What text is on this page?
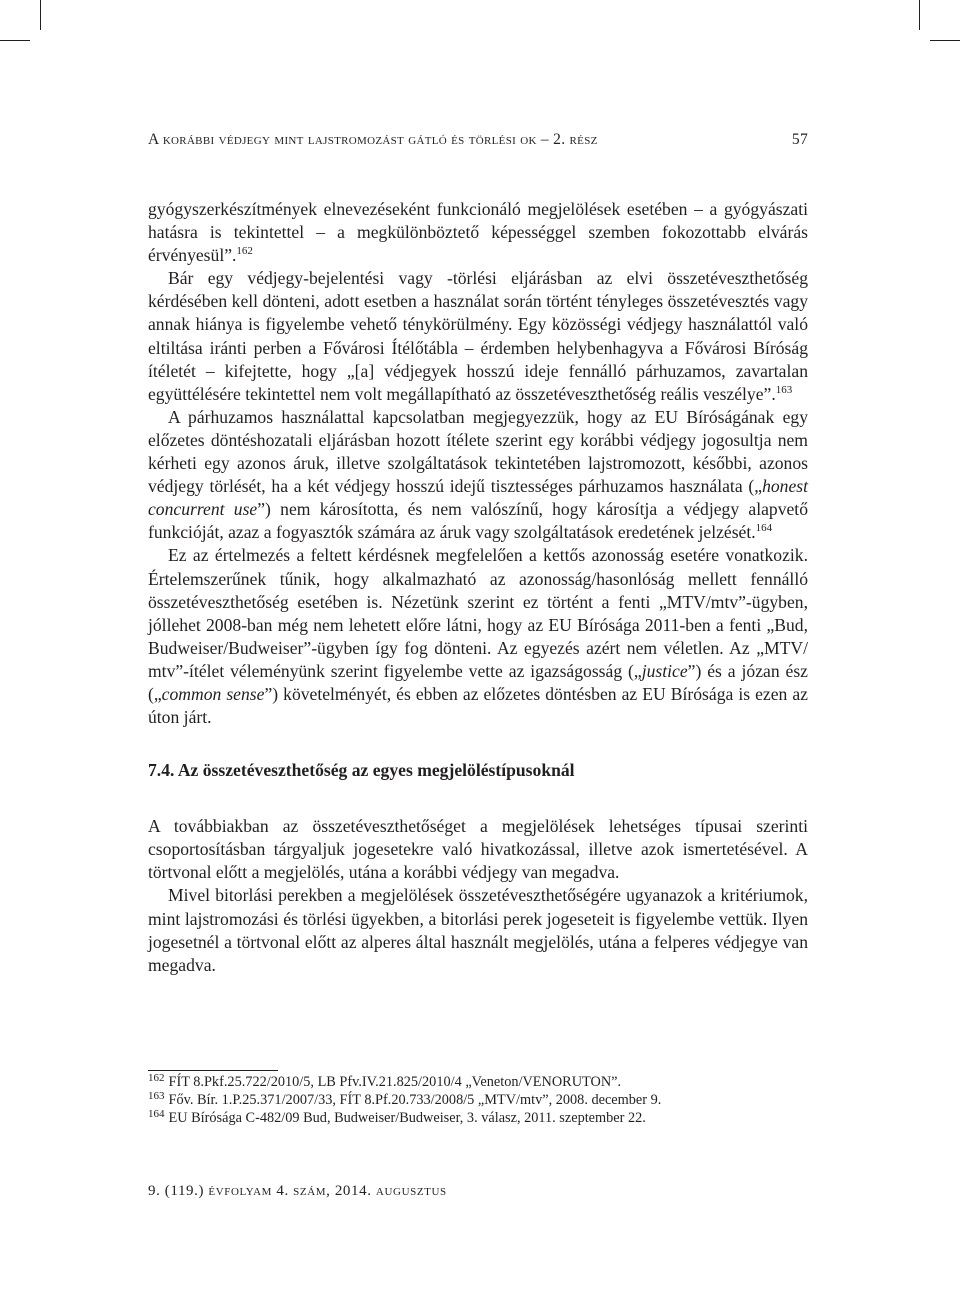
A korábbi védjegy mint lajstromozást gátló és törlési ok – 2. rész	57

gyógyszerkészítmények elnevezéseként funkcionáló megjelölések esetében – a gyógyászati hatásra is tekintettel – a megkülönböztető képességgel szemben fokozottabb elvárás érvényesül”.$^{162}$

Bár egy védjegy-bejelentési vagy -törlési eljárásban az elvi összetéveszthetőség kérdésében kell dönteni, adott esetben a használat során történt tényleges összetévesztés vagy annak hiánya is figyelembe vehető ténykörülmény. Egy közösségi védjegy használattól való eltiltása iránti perben a Fővárosi Ítélőtábla – érdemben helybenhagyva a Fővárosi Bíróság ítéletét – kifejtette, hogy „[a] védjegyek hosszú ideje fennálló párhuzamos, zavartalan együttélésére tekintettel nem volt megállapítható az összetéveszthetőség reális veszélye”.$^{163}$

A párhuzamos használattal kapcsolatban megjegyezzük, hogy az EU Bíróságának egy előzetes döntéshozatali eljárásban hozott ítélete szerint egy korábbi védjegy jogosultja nem kérheti egy azonos áruk, illetve szolgáltatások tekintetében lajstromozott, későbbi, azonos védjegy törlését, ha a két védjegy hosszú idejű tisztességes párhuzamos használata („honest concurrent use”) nem károsította, és nem valószínű, hogy károsítja a védjegy alapvető funkcióját, azaz a fogyasztók számára az áruk vagy szolgáltatások eredetének jelzését.$^{164}$

Ez az értelmezés a feltett kérdésnek megfelelően a kettős azonosság esetére vonatkozik. Értelemszerűnek tűnik, hogy alkalmazható az azonosság/hasonlóság mellett fennálló összetéveszthetőség esetében is. Nézetünk szerint ez történt a fenti „MTV/mtv”-ügyben, jóllehet 2008-ban még nem lehetett előre látni, hogy az EU Bírósága 2011-ben a fenti „Bud, Budweiser/Budweiser”-ügyben így fog dönteni. Az egyezés azért nem véletlen. Az „MTV/ mtv”-ítélet véleményünk szerint figyelembe vette az igazságosság („justice”) és a józan ész („common sense”) követelményét, és ebben az előzetes döntésben az EU Bírósága is ezen az úton járt.

7.4. Az összetéveszthetőség az egyes megjelöléstípusoknál

A továbbiakban az összetéveszthetőséget a megjelölések lehetséges típusai szerinti csoportosításban tárgyaljuk jogesetekre való hivatkozással, illetve azok ismertetésével. A törtvonal előtt a megjelölés, utána a korábbi védjegy van megadva.

Mivel bitorlási perekben a megjelölések összetéveszthetőségére ugyanazok a kritériumok, mint lajstromozási és törlési ügyekben, a bitorlási perek jogeseteit is figyelembe vettük. Ilyen jogesetnél a törtvonal előtt az alperes által használt megjelölés, utána a felperes védjegye van megadva.

$^{162}$ FÍT 8.Pkf.25.722/2010/5, LB Pfv.IV.21.825/2010/4 „Veneton/VENORUTON”.

$^{163}$ Főv. Bír. 1.P.25.371/2007/33, FÍT 8.Pf.20.733/2008/5 „MTV/mtv”, 2008. december 9.

$^{164}$ EU Bírósága C-482/09 Bud, Budweiser/Budweiser, 3. válasz, 2011. szeptember 22.

9. (119.) évfolyam 4. szám, 2014. augusztus
